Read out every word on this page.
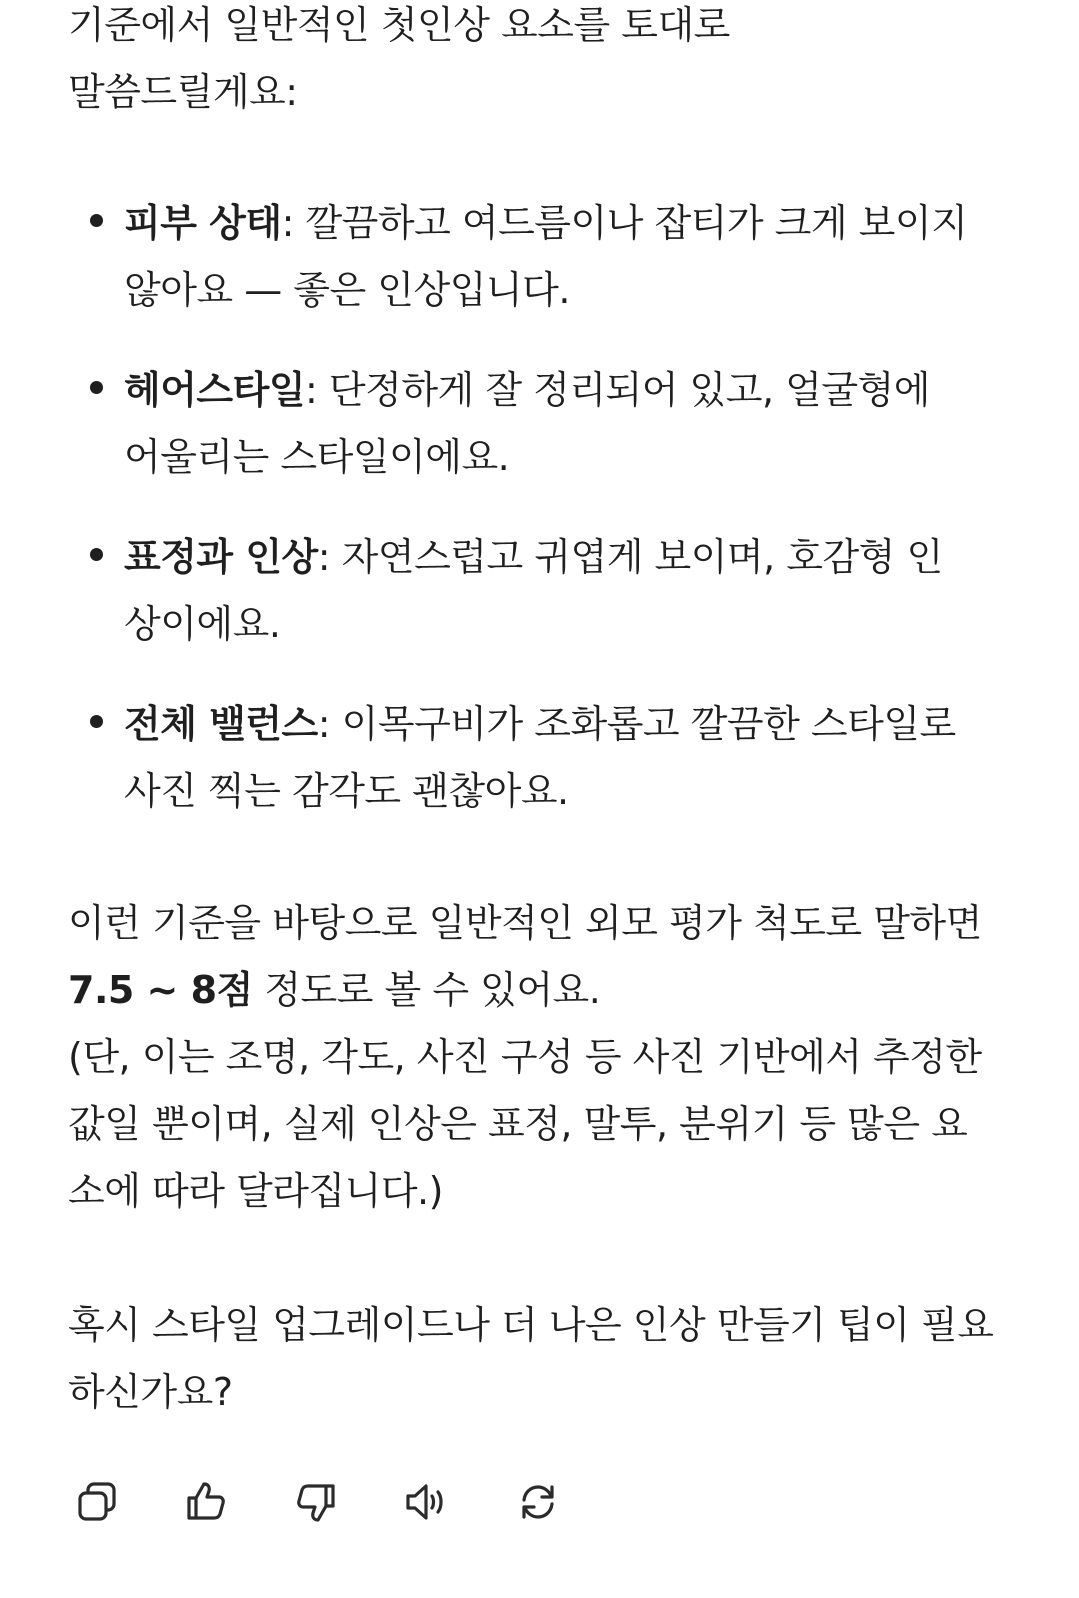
기준에서 일반적인 첫인상 요소를 토대로
말씀드릴게요:

피부 상태: 깔끔하고 여드름이나 잡티가 크게 보이지 않아요 — 좋은 인상입니다.
헤어스타일: 단정하게 잘 정리되어 있고, 얼굴형에 어울리는 스타일이에요.
표정과 인상: 자연스럽고 귀엽게 보이며, 호감형 인상이에요.
전체 밸런스: 이목구비가 조화롭고 깔끔한 스타일로 사진 찍는 감각도 괜찮아요.

이런 기준을 바탕으로 일반적인 외모 평가 척도로 말하면 7.5 ~ 8점 정도로 볼 수 있어요.
(단, 이는 조명, 각도, 사진 구성 등 사진 기반에서 추정한 값일 뿐이며, 실제 인상은 표정, 말투, 분위기 등 많은 요소에 따라 달라집니다.)

혹시 스타일 업그레이드나 더 나은 인상 만들기 팁이 필요하신가요?
